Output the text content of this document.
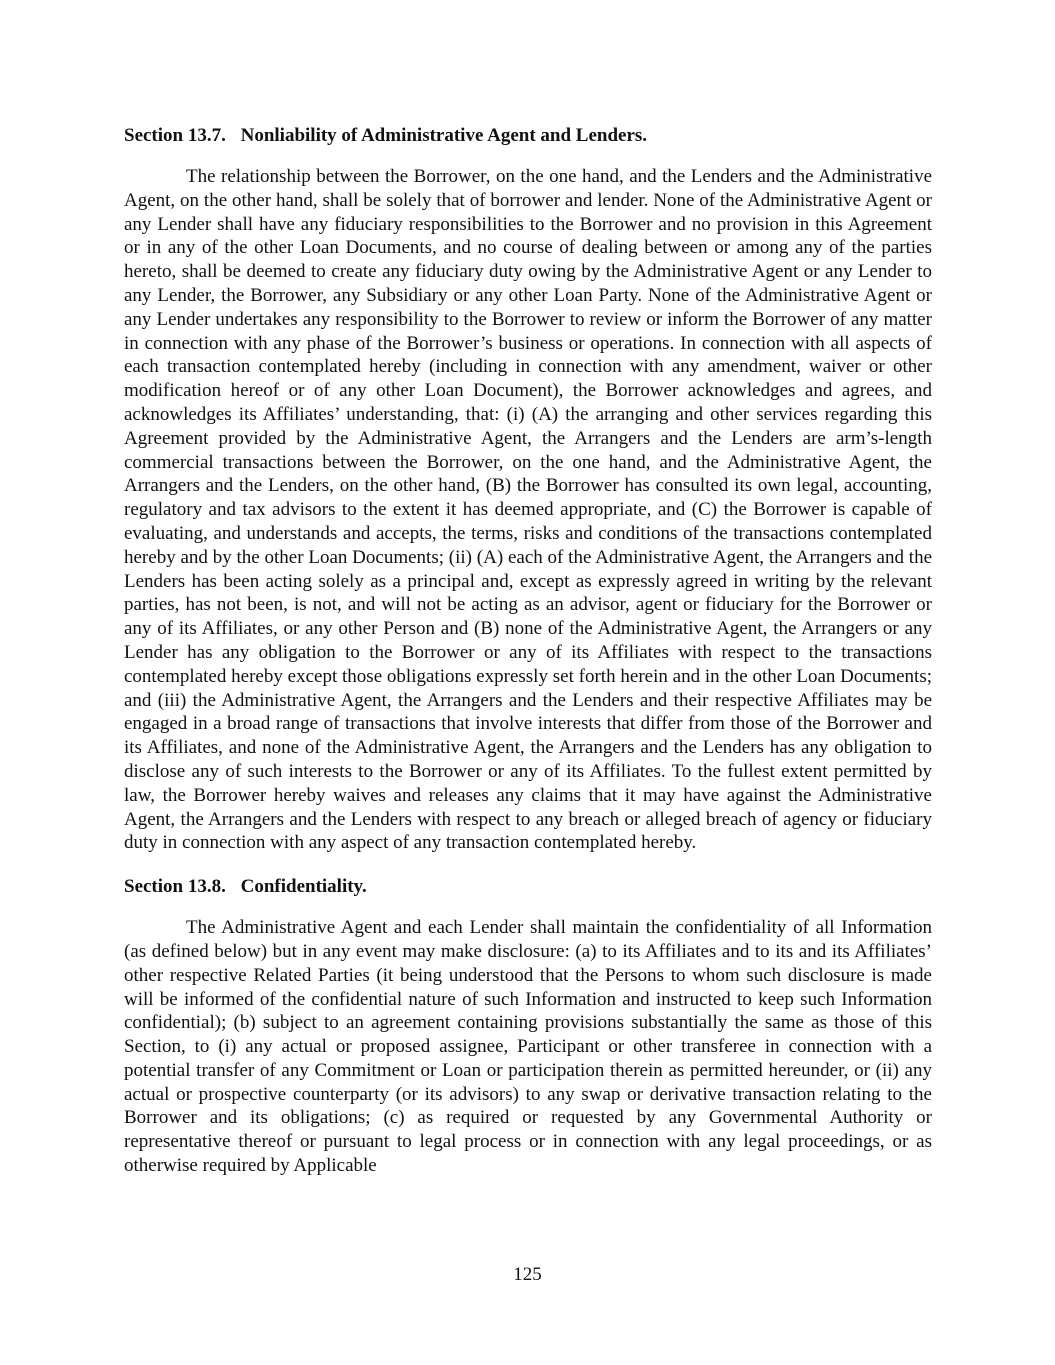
Section 13.7. Nonliability of Administrative Agent and Lenders.

The relationship between the Borrower, on the one hand, and the Lenders and the Administrative Agent, on the other hand, shall be solely that of borrower and lender. None of the Administrative Agent or any Lender shall have any fiduciary responsibilities to the Borrower and no provision in this Agreement or in any of the other Loan Documents, and no course of dealing between or among any of the parties hereto, shall be deemed to create any fiduciary duty owing by the Administrative Agent or any Lender to any Lender, the Borrower, any Subsidiary or any other Loan Party. None of the Administrative Agent or any Lender undertakes any responsibility to the Borrower to review or inform the Borrower of any matter in connection with any phase of the Borrower’s business or operations. In connection with all aspects of each transaction contemplated hereby (including in connection with any amendment, waiver or other modification hereof or of any other Loan Document), the Borrower acknowledges and agrees, and acknowledges its Affiliates’ understanding, that: (i) (A) the arranging and other services regarding this Agreement provided by the Administrative Agent, the Arrangers and the Lenders are arm’s-length commercial transactions between the Borrower, on the one hand, and the Administrative Agent, the Arrangers and the Lenders, on the other hand, (B) the Borrower has consulted its own legal, accounting, regulatory and tax advisors to the extent it has deemed appropriate, and (C) the Borrower is capable of evaluating, and understands and accepts, the terms, risks and conditions of the transactions contemplated hereby and by the other Loan Documents; (ii) (A) each of the Administrative Agent, the Arrangers and the Lenders has been acting solely as a principal and, except as expressly agreed in writing by the relevant parties, has not been, is not, and will not be acting as an advisor, agent or fiduciary for the Borrower or any of its Affiliates, or any other Person and (B) none of the Administrative Agent, the Arrangers or any Lender has any obligation to the Borrower or any of its Affiliates with respect to the transactions contemplated hereby except those obligations expressly set forth herein and in the other Loan Documents; and (iii) the Administrative Agent, the Arrangers and the Lenders and their respective Affiliates may be engaged in a broad range of transactions that involve interests that differ from those of the Borrower and its Affiliates, and none of the Administrative Agent, the Arrangers and the Lenders has any obligation to disclose any of such interests to the Borrower or any of its Affiliates. To the fullest extent permitted by law, the Borrower hereby waives and releases any claims that it may have against the Administrative Agent, the Arrangers and the Lenders with respect to any breach or alleged breach of agency or fiduciary duty in connection with any aspect of any transaction contemplated hereby.

Section 13.8. Confidentiality.

The Administrative Agent and each Lender shall maintain the confidentiality of all Information (as defined below) but in any event may make disclosure: (a) to its Affiliates and to its and its Affiliates’ other respective Related Parties (it being understood that the Persons to whom such disclosure is made will be informed of the confidential nature of such Information and instructed to keep such Information confidential); (b) subject to an agreement containing provisions substantially the same as those of this Section, to (i) any actual or proposed assignee, Participant or other transferee in connection with a potential transfer of any Commitment or Loan or participation therein as permitted hereunder, or (ii) any actual or prospective counterparty (or its advisors) to any swap or derivative transaction relating to the Borrower and its obligations; (c) as required or requested by any Governmental Authority or representative thereof or pursuant to legal process or in connection with any legal proceedings, or as otherwise required by Applicable

125
